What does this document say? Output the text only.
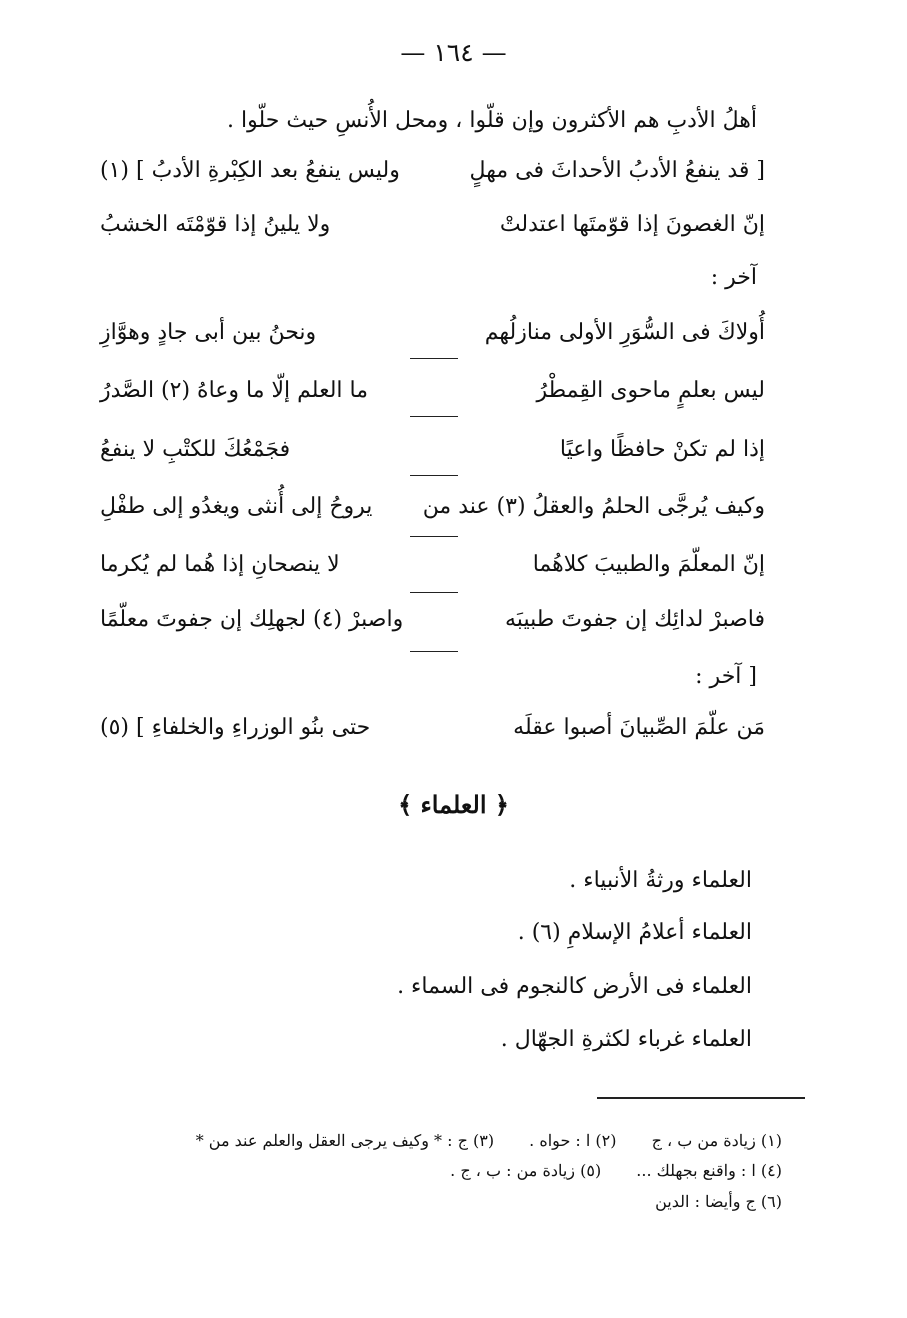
— ١٦٤ —
أهلُ الأدبِ هم الأكثرون وإن قلّوا ، ومحل الأُنسِ حيث حلّوا .
[ قد ينفعُ الأدبُ الأحداثَ فى مهلٍ
وليس ينفعُ بعد الكِبْرةِ الأدبُ ] (١)
إنّ الغصونَ إذا قوّمتَها اعتدلتْ
ولا يلينُ إذا قوّمْتَه الخشبُ
آخر :
أُولاكَ فى السُّوَرِ الأولى منازلُهم
ونحنُ بين أبى جادٍ وهوَّازِ
ليس بعلمٍ ماحوى القِمطْرُ
ما العلم إلّا ما وعاهُ (٢) الصَّدرُ
إذا لم تكنْ حافظًا واعيًا
فجَمْعُكَ للكتْبِ لا ينفعُ
وكيف يُرجَّى الحلمُ والعقلُ (٣) عند من
يروحُ إلى أُنثى ويغدُو إلى طفْلِ
إنّ المعلّمَ والطبيبَ كلاهُما
لا ينصحانِ إذا هُما لم يُكرما
فاصبرْ لدائِك إن جفوتَ طبيبَه
واصبرْ (٤) لجهلِك إن جفوتَ معلّمًا
[ آخر :
مَن علّمَ الصِّبيانَ أصبوا عقلَه
حتى بنُو الوزراءِ والخلفاءِ ] (٥)
﴿ العلماء ﴾
العلماء ورثةُ الأنبياء .
العلماء أعلامُ الإسلامِ (٦) .
العلماء فى الأرض كالنجوم فى السماء .
العلماء غرباء لكثرةِ الجهّال .
(١) زيادة من ب ، ج (٢) ا : حواه . (٣) ج : * وكيف يرجى العقل والعلم عند من *
(٤) ا : واقنع بجهلك ... (٥) زيادة من : ب ، ج .
(٦) ج وأيضا : الدين
